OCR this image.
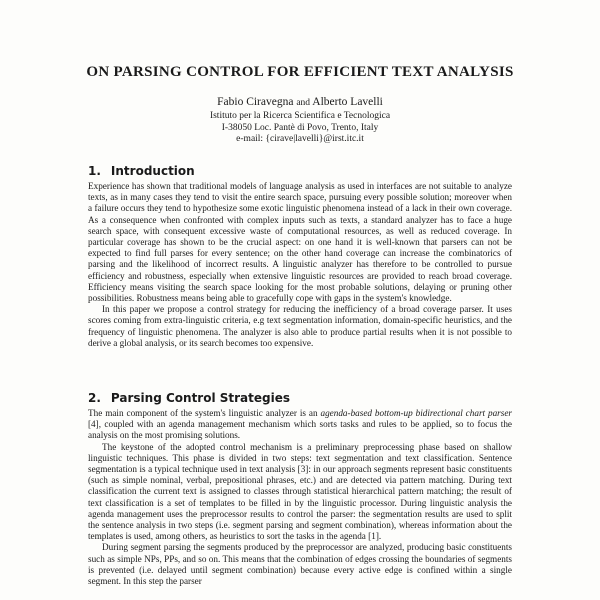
ON PARSING CONTROL FOR EFFICIENT TEXT ANALYSIS
Fabio Ciravegna and Alberto Lavelli
Istituto per la Ricerca Scientifica e Tecnologica
I-38050 Loc. Pantè di Povo, Trento, Italy
e-mail: {cirave|lavelli}@irst.itc.it
1. Introduction

Experience has shown that traditional models of language analysis as used in interfaces are not suitable to analyze texts, as in many cases they tend to visit the entire search space, pursuing every possible solution; moreover when a failure occurs they tend to hypothesize some exotic linguistic phenomena instead of a lack in their own coverage. As a consequence when confronted with complex inputs such as texts, a standard analyzer has to face a huge search space, with consequent excessive waste of computational resources, as well as reduced coverage. In particular coverage has shown to be the crucial aspect: on one hand it is well-known that parsers can not be expected to find full parses for every sentence; on the other hand coverage can increase the combinatorics of parsing and the likelihood of incorrect results. A linguistic analyzer has therefore to be controlled to pursue efficiency and robustness, especially when extensive linguistic resources are provided to reach broad coverage. Efficiency means visiting the search space looking for the most probable solutions, delaying or pruning other possibilities. Robustness means being able to gracefully cope with gaps in the system's knowledge.

In this paper we propose a control strategy for reducing the inefficiency of a broad coverage parser. It uses scores coming from extra-linguistic criteria, e.g text segmentation information, domain-specific heuristics, and the frequency of linguistic phenomena. The analyzer is also able to produce partial results when it is not possible to derive a global analysis, or its search becomes too expensive.

2. Parsing Control Strategies

The main component of the system's linguistic analyzer is an agenda-based bottom-up bidirectional chart parser [4], coupled with an agenda management mechanism which sorts tasks and rules to be applied, so to focus the analysis on the most promising solutions.

The keystone of the adopted control mechanism is a preliminary preprocessing phase based on shallow linguistic techniques. This phase is divided in two steps: text segmentation and text classification. Sentence segmentation is a typical technique used in text analysis [3]: in our approach segments represent basic constituents (such as simple nominal, verbal, prepositional phrases, etc.) and are detected via pattern matching. During text classification the current text is assigned to classes through statistical hierarchical pattern matching; the result of text classification is a set of templates to be filled in by the linguistic processor. During linguistic analysis the agenda management uses the preprocessor results to control the parser: the segmentation results are used to split the sentence analysis in two steps (i.e. segment parsing and segment combination), whereas information about the templates is used, among others, as heuristics to sort the tasks in the agenda [1].

During segment parsing the segments produced by the preprocessor are analyzed, producing basic constituents such as simple NPs, PPs, and so on. This means that the combination of edges crossing the boundaries of segments is prevented (i.e. delayed until segment combination) because every active edge is confined within a single segment. In this step the parser
